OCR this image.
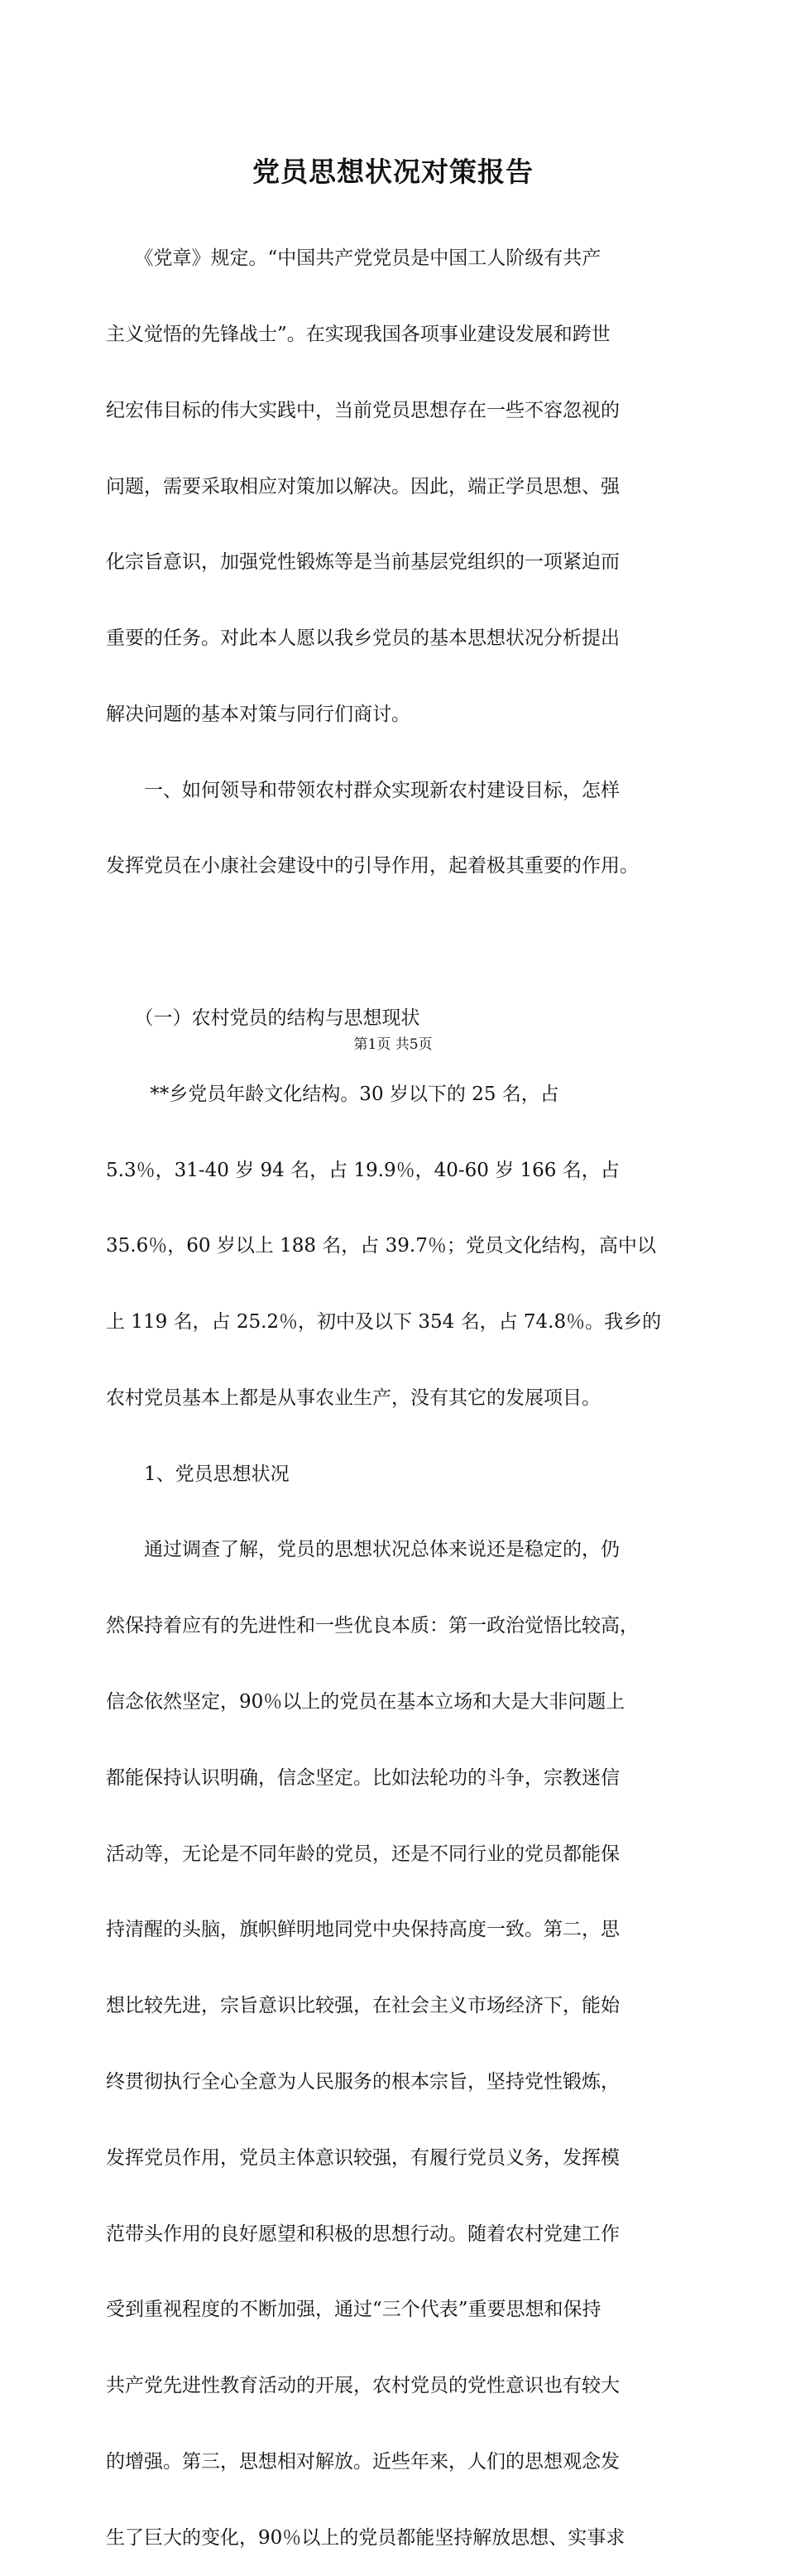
党员思想状况对策报告

　　《党章》规定。“中国共产党党员是中国工人阶级有共产

主义觉悟的先锋战士”。在实现我国各项事业建设发展和跨世

纪宏伟目标的伟大实践中，当前党员思想存在一些不容忽视的

问题，需要采取相应对策加以解决。因此，端正学员思想、强

化宗旨意识，加强党性锻炼等是当前基层党组织的一项紧迫而

重要的任务。对此本人愿以我乡党员的基本思想状况分析提出

解决问题的基本对策与同行们商讨。

　　一、如何领导和带领农村群众实现新农村建设目标，怎样

发挥党员在小康社会建设中的引导作用，起着极其重要的作用。

　　（一）农村党员的结构与思想现状

　　 **乡党员年龄文化结构。30 岁以下的 25 名，占

5.3％，31-40 岁 94 名，占 19.9％，40-60 岁 166 名，占

35.6％，60 岁以上 188 名，占 39.7％；党员文化结构，高中以

上 119 名，占 25.2％，初中及以下 354 名，占 74.8％。我乡的

农村党员基本上都是从事农业生产，没有其它的发展项目。

　　1、党员思想状况

　　通过调查了解，党员的思想状况总体来说还是稳定的，仍

然保持着应有的先进性和一些优良本质：第一政治觉悟比较高，

信念依然坚定，90％以上的党员在基本立场和大是大非问题上

都能保持认识明确，信念坚定。比如法轮功的斗争，宗教迷信

活动等，无论是不同年龄的党员，还是不同行业的党员都能保

持清醒的头脑，旗帜鲜明地同党中央保持高度一致。第二，思

想比较先进，宗旨意识比较强，在社会主义市场经济下，能始

终贯彻执行全心全意为人民服务的根本宗旨，坚持党性锻炼，

发挥党员作用，党员主体意识较强，有履行党员义务，发挥模

范带头作用的良好愿望和积极的思想行动。随着农村党建工作

受到重视程度的不断加强，通过“三个代表”重要思想和保持

共产党先进性教育活动的开展，农村党员的党性意识也有较大

的增强。第三，思想相对解放。近些年来，人们的思想观念发

生了巨大的变化，90％以上的党员都能坚持解放思想、实事求

第1页 共5页
